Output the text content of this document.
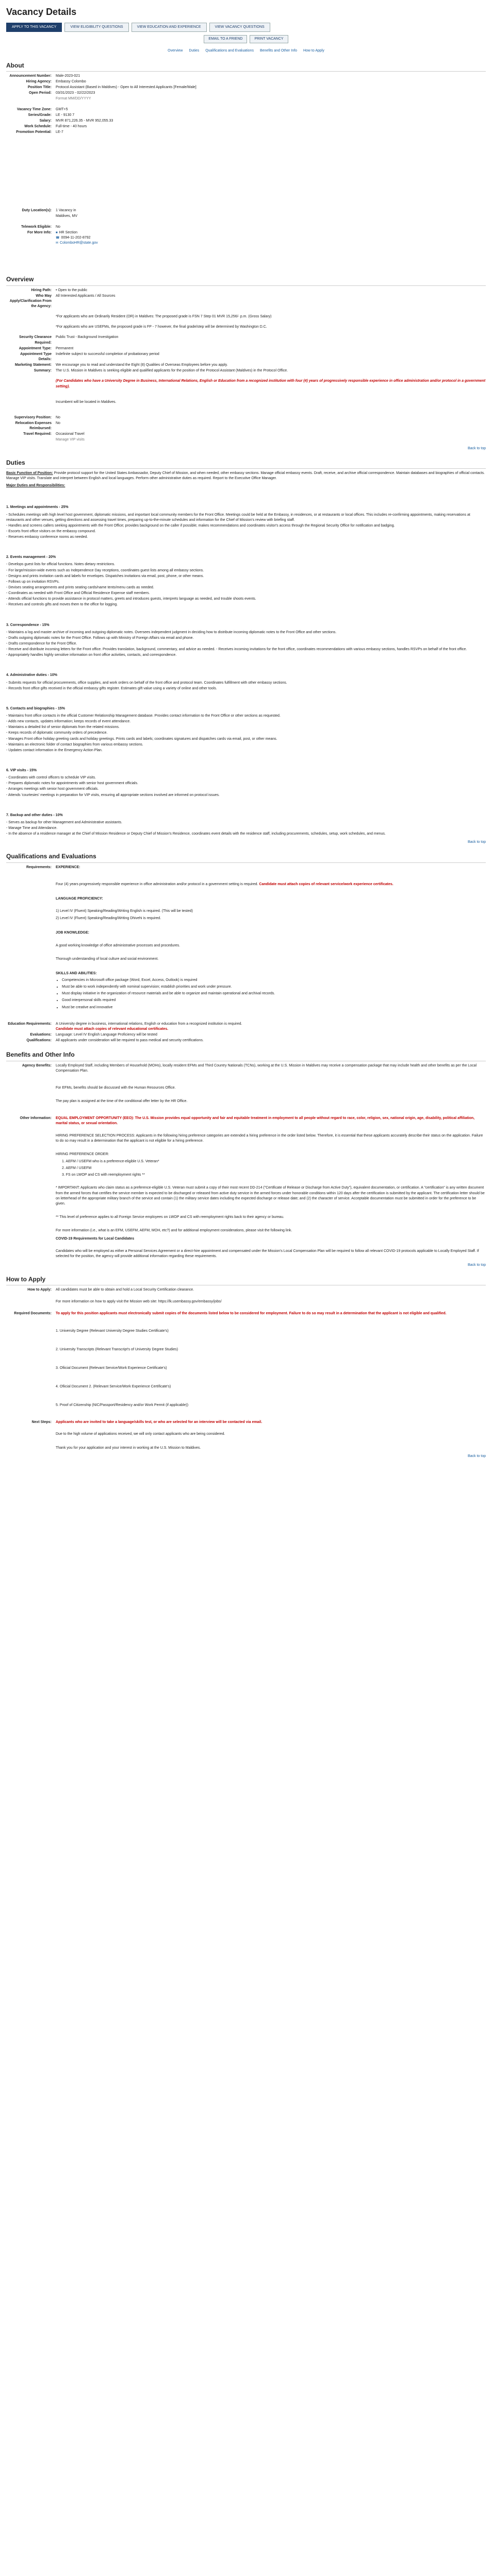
Vacancy Details
APPLY TO THIS VACANCY	VIEW ELIGIBILITY QUESTIONS	VIEW EDUCATION AND EXPERIENCE	VIEW VACANCY QUESTIONS
EMAIL TO A FRIEND	PRINT VACANCY
Overview Duties Qualifications and Evaluations Benefits and Other Info How to Apply
About
Announcement Number:	Male-2023-021
Hiring Agency:	Embassy Colombo
Position Title:	Protocol Assistant (Based in Maldives) - Open to All Interested Applicants [Female/Male]
Open Period:	03/31/2023 - 02/22/2023
Format MM/DD/YYYY
Vacancy Time Zone:	GMT+5
Series/Grade:	LE - 9130 7
Salary:	MVR 871,226.35 - MVR 952,055.33
Work Schedule:	Full-time - 40 hours
Promotion Potential:	LE-7
Duty Location(s):	1 Vacancy in
Maldives, MV
Telework Eligible:	No
For More Info:	■ HR Section
☎ 0094-11-202-8792
✉ ColomboHR@state.gov
Overview
Hiring Path:	• Open to the public
Who May Apply/Clarification From the Agency:
All Interested Applicants / All Sources
*For applicants who are Ordinarily Resident (OR) in Maldives: The proposed grade is FSN 7 Step 01 MVR 15,256/- p.m. (Gross Salary)
*For applicants who are USEFMs, the proposed grade is FP - 7 however, the final grade/step will be determined by Washington D.C.
Security Clearance Required:
Public Trust - Background Investigation
Appointment Type:	Permanent
Appointment Type Details:
Indefinite subject to successful completion of probationary period
Marketing Statement:	We encourage you to read and understand the Eight (8) Qualities of Overseas Employees before you apply.
Summary:	The U.S. Mission in Maldives is seeking eligible and qualified applicants for the position of the Protocol Assistant (Maldives) in the Protocol Office.
(For Candidates who have a University Degree in Business, International Relations, English or Education from a recognized institution with four (4) years of progressively responsible experience in office administration and/or protocol in a government setting).
Incumbent will be located in Maldives.
Supervisory Position:	No
Relocation Expenses Reimbursed:
No
Travel Required:	Occasional Travel
Manage VIP visits
Back to top
Duties
Basic Function of Position: Provide protocol support for the United States Ambassador, Deputy Chief of Mission, and when needed, other embassy sections. Manage official embassy events. Draft, receive, and archive official correspondence. Maintain databases and biographies of official contacts. Manage VIP visits. Translate and interpret between English and local languages. Perform other administrative duties as required. Report to the Executive Office Manager.
Major Duties and Responsibilities:
1. Meetings and appointments - 25%
- Schedules meetings with high level host government, diplomatic missions, and important local community members for the Front Office. Meetings could be held at the Embassy, in residences, or at restaurants or local offices. This includes re-confirming appointments, making reservations at restaurants and other venues, getting directions and assessing travel times, preparing up-to-the-minute schedules and information for the Chief of Mission's review with briefing staff.
- Handles and screens callers seeking appointments with the Front Office; provides background on the caller if possible; makes recommendations and coordinates visitor's access through the Regional Security Office for notification and badging.
- Escorts front office visitors on the embassy compound.
- Reserves embassy conference rooms as needed.
2. Events management - 20%
- Develops guest lists for official functions. Notes dietary restrictions.
- For large/mission-wide events such as Independence Day receptions, coordinates guest lists among all embassy sections.
- Designs and prints invitation cards and labels for envelopes. Dispatches invitations via email, post, phone, or other means.
- Follows up on invitation RSVPs.
- Devises seating arrangements and prints seating cards/name tents/menu cards as needed.
- Coordinates as needed with Front Office and Official Residence Expense staff members.
- Attends official functions to provide assistance in protocol matters, greets and introduces guests, interprets language as needed, and trouble shoots events.
- Receives and controls gifts and moves them to the office for logging.
3. Correspondence - 15%
- Maintains a log and master archive of incoming and outgoing diplomatic notes. Oversees independent judgment in deciding how to distribute incoming diplomatic notes to the Front Office and other sections.
- Drafts outgoing diplomatic notes for the Front Office. Follows up with Ministry of Foreign Affairs via email and phone.
- Drafts correspondence for the Front Office.
- Receive and distribute incoming letters for the Front office. Provides translation, background, commentary, and advice as needed. - Receives incoming invitations for the front office, coordinates recommendations with various embassy sections, handles RSVPs on behalf of the front office.
- Appropriately handles highly sensitive information on front office activities, contacts, and correspondence.
4. Administrative duties - 10%
- Submits requests for official procurements, office supplies, and work orders on behalf of the front office and protocol team. Coordinates fulfillment with other embassy sections.
- Records front office gifts received in the official embassy gifts register. Estimates gift value using a variety of online and other tools.
5. Contacts and biographies - 15%
- Maintains front office contacts in the official Customer Relationship Management database. Provides contact information to the Front Office or other sections as requested.
- Adds new contacts, updates information; keeps records of event attendance.
- Maintains a detailed list of senior diplomats from the related missions.
- Keeps records of diplomatic community orders of precedence.
- Manages Front office holiday greeting cards and holiday greetings. Prints cards and labels; coordinates signatures and dispatches cards via email, post, or other means.
- Maintains an electronic folder of contact biographies from various embassy sections.
- Updates contact information in the Emergency Action Plan.
6. VIP visits - 15%
- Coordinates with control officers to schedule VIP visits.
- Prepares diplomatic notes for appointments with senior host government officials.
- Arranges meetings with senior host government officials.
- Attends 'courtesies' meetings in preparation for VIP visits, ensuring all appropriate sections involved are informed on protocol issues.
7. Backup and other duties - 10%
- Serves as backup for other Management and Administrative assistants.
- Manage Time and Attendance.
- In the absence of a residence manager at the Chief of Mission Residence or Deputy Chief of Mission's Residence, coordinates event details with the residence staff, including procurements, schedules, setup, work schedules, and menus.
Back to top
Qualifications and Evaluations
Requirements:	EXPERIENCE:
Four (4) years progressively responsible experience in office administration and/or protocol in a government setting is required. Candidate must attach copies of relevant service/work experience certificates.
LANGUAGE PROFICIENCY:
1) Level IV (Fluent) Speaking/Reading/Writing English is required. (This will be tested)
2) Level IV (Fluent) Speaking/Reading/Writing Dhivehi is required.
JOB KNOWLEDGE:
A good working knowledge of office administrative processes and procedures.
Thorough understanding of local culture and social environment.
SKILLS AND ABILITIES:
• Competencies in Microsoft office package (Word, Excel, Access, Outlook) is required
• Must be able to work independently with nominal supervision; establish priorities and work under pressure.
• Must display initiative in the organization of resource materials and be able to organize and maintain operational and archival records.
• Good interpersonal skills required
• Must be creative and innovative
Education Requirements:	A University degree in business, international relations, English or education from a recognized institution is required.
Candidate must attach copies of relevant educational certificates.
Evaluations:	Language: Level IV English Language Proficiency will be tested
Qualifications:	All applicants under consideration will be required to pass medical and security certifications.
Benefits and Other Info
Agency Benefits:	Locally Employed Staff, including Members of Household (MOHs), locally resident EFMs and Third Country Nationals (TCNs), working at the U.S. Mission in Maldives may receive a compensation package that may include health and other benefits as per the Local Compensation Plan.
For EFMs, benefits should be discussed with the Human Resources Office.
The pay plan is assigned at the time of the conditional offer letter by the HR Office.
Other Information:	EQUAL EMPLOYMENT OPPORTUNITY (EEO): The U.S. Mission provides equal opportunity and fair and equitable treatment in employment to all people without regard to race, color, religion, sex, national origin, age, disability, political affiliation, marital status, or sexual orientation.
HIRING PREFERENCE SELECTION PROCESS: Applicants in the following hiring preference categories are extended a hiring preference in the order listed below. Therefore, it is essential that these applicants accurately describe their status on the application. Failure to do so may result in a determination that the applicant is not eligible for a hiring preference.
HIRING PREFERENCE ORDER:
1. AEFM / USEFM who is a preference-eligible U.S. Veteran*
2. AEFM / USEFM
3. FS on LWOP and CS with reemployment rights **
* IMPORTANT: Applicants who claim status as a preference-eligible U.S. Veteran must submit a copy of their most recent DD-214 ("Certificate of Release or Discharge from Active Duty"), equivalent documentation, or certification. A "certification" is any written document from the armed forces that certifies the service member is expected to be discharged or released from active duty service in the armed forces under honorable conditions within 120 days after the certification is submitted by the applicant. The certification letter should be on letterhead of the appropriate military branch of the service and contain (1) the military service dates including the expected discharge or release date; and (2) the character of service. Acceptable documentation must be submitted in order for the preference to be given.
** This level of preference applies to all Foreign Service employees on LWOP and CS with reemployment rights back to their agency or bureau.
For more information (i.e., what is an EFM, USEFM, AEFM, MOH, etc?) and for additional employment considerations, please visit the following link.
COVID-19 Requirements for Local Candidates
Candidates who will be employed as either a Personal Services Agreement or a direct-hire appointment and compensated under the Mission's Local Compensation Plan will be required to follow all relevant COVID-19 protocols applicable to Locally Employed Staff. If selected for the position, the agency will provide additional information regarding these requirements.
Back to top
How to Apply
How to Apply:	All candidates must be able to obtain and hold a Local Security Certification clearance.
For more information on how to apply visit the Mission web site: https://lk.usembassy.gov/embassy/jobs/
Required Documents:	To apply for this position applicants must electronically submit copies of the documents listed below to be considered for employment. Failure to do so may result in a determination that the applicant is not eligible and qualified.
1. University Degree (Relevant University Degree Studies Certificate's)
2. University Transcripts (Relevant Transcript's of University Degree Studies)
3. Ofiicial Document (Relevant Service/Work Experience Certificate's)
4. Ofiicial Document 2. (Relevant Service/Work Experience Certificate's)
5. Proof of Citizenship (NIC/Passport/Residency and/or Work Permit (if applicable))
Next Steps:	Applicants who are invited to take a language/skills test, or who are selected for an interview will be contacted via email.
Due to the high volume of applications received, we will only contact applicants who are being considered.
Thank you for your application and your interest in working at the U.S. Mission to Maldives.
Back to top
